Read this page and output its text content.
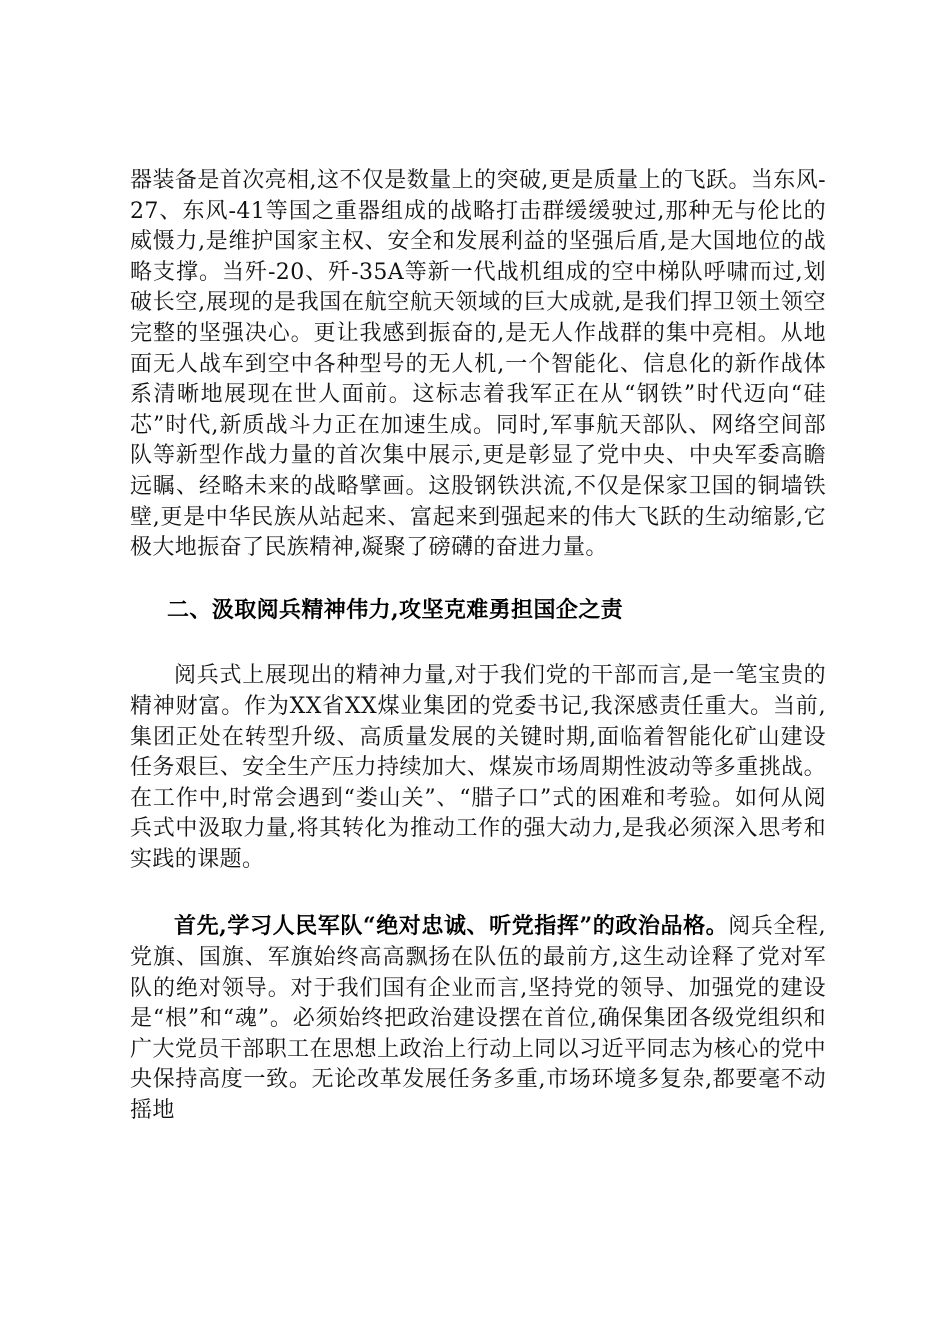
器装备是首次亮相,这不仅是数量上的突破,更是质量上的飞跃。当东风-27、东风-41等国之重器组成的战略打击群缓缓驶过,那种无与伦比的威慑力,是维护国家主权、安全和发展利益的坚强后盾,是大国地位的战略支撑。当歼-20、歼-35A等新一代战机组成的空中梯队呼啸而过,划破长空,展现的是我国在航空航天领域的巨大成就,是我们捍卫领土领空完整的坚强决心。更让我感到振奋的,是无人作战群的集中亮相。从地面无人战车到空中各种型号的无人机,一个智能化、信息化的新作战体系清晰地展现在世人面前。这标志着我军正在从“钢铁”时代迈向“硅芯”时代,新质战斗力正在加速生成。同时,军事航天部队、网络空间部队等新型作战力量的首次集中展示,更是彰显了党中央、中央军委高瞻远瞩、经略未来的战略擘画。这股钢铁洪流,不仅是保家卫国的铜墙铁壁,更是中华民族从站起来、富起来到强起来的伟大飞跃的生动缩影,它极大地振奋了民族精神,凝聚了磅礴的奋进力量。

二、汲取阅兵精神伟力,攻坚克难勇担国企之责

阅兵式上展现出的精神力量,对于我们党的干部而言,是一笔宝贵的精神财富。作为XX省XX煤业集团的党委书记,我深感责任重大。当前,集团正处在转型升级、高质量发展的关键时期,面临着智能化矿山建设任务艰巨、安全生产压力持续加大、煤炭市场周期性波动等多重挑战。在工作中,时常会遇到“娄山关”、“腊子口”式的困难和考验。如何从阅兵式中汲取力量,将其转化为推动工作的强大动力,是我必须深入思考和实践的课题。

首先,学习人民军队“绝对忠诚、听党指挥”的政治品格。阅兵全程,党旗、国旗、军旗始终高高飘扬在队伍的最前方,这生动诠释了党对军队的绝对领导。对于我们国有企业而言,坚持党的领导、加强党的建设是“根”和“魂”。必须始终把政治建设摆在首位,确保集团各级党组织和广大党员干部职工在思想上政治上行动上同以习近平同志为核心的党中央保持高度一致。无论改革发展任务多重,市场环境多复杂,都要毫不动摇地
